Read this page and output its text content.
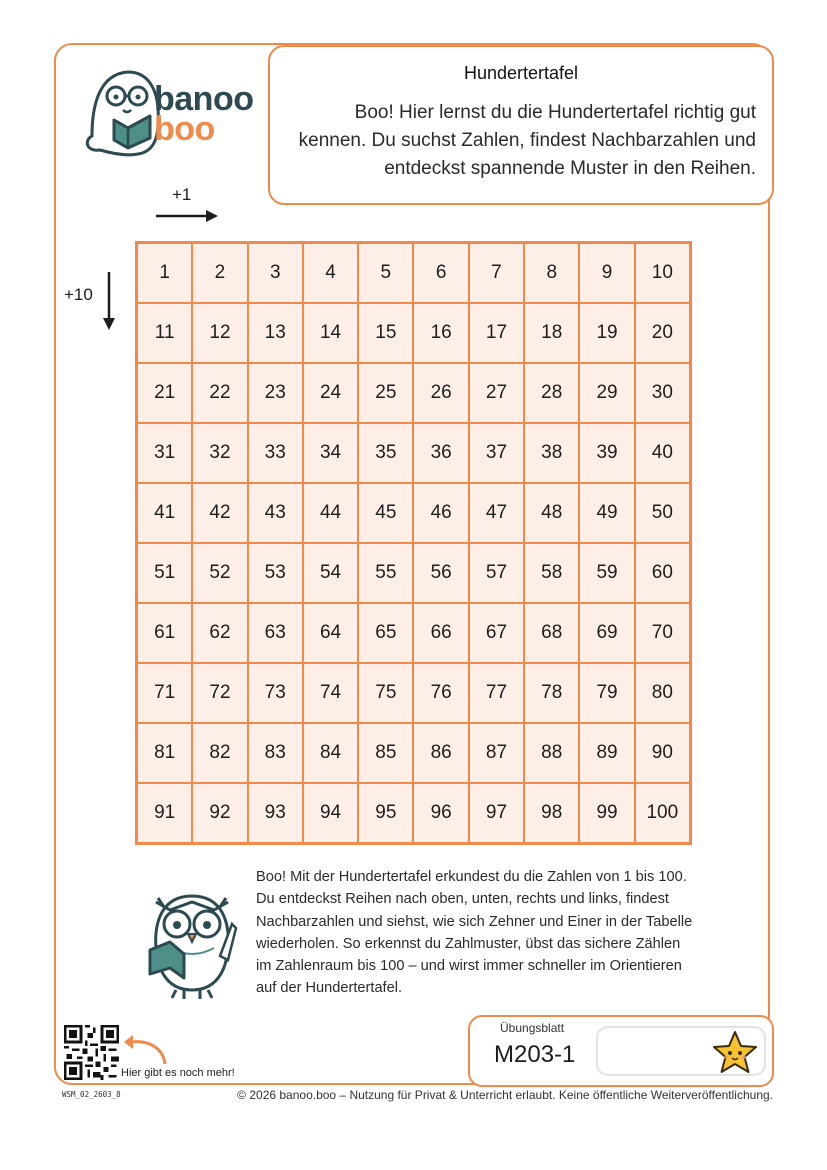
banoo
boo
Hundertertafel
Boo! Hier lernst du die Hundertertafel richtig gut kennen. Du suchst Zahlen, findest Nachbarzahlen und entdeckst spannende Muster in den Reihen.
+1
+10
1	2	3	4	5	6	7	8	9	10
11	12	13	14	15	16	17	18	19	20
21	22	23	24	25	26	27	28	29	30
31	32	33	34	35	36	37	38	39	40
41	42	43	44	45	46	47	48	49	50
51	52	53	54	55	56	57	58	59	60
61	62	63	64	65	66	67	68	69	70
71	72	73	74	75	76	77	78	79	80
81	82	83	84	85	86	87	88	89	90
91	92	93	94	95	96	97	98	99	100
Boo! Mit der Hundertertafel erkundest du die Zahlen von 1 bis 100. Du entdeckst Reihen nach oben, unten, rechts und links, findest Nachbarzahlen und siehst, wie sich Zehner und Einer in der Tabelle wiederholen. So erkennst du Zahlmuster, übst das sichere Zählen im Zahlenraum bis 100 – und wirst immer schneller im Orientieren auf der Hundertertafel.
Hier gibt es noch mehr!
WSM_02_2603_8	© 2026 banoo.boo – Nutzung für Privat & Unterricht erlaubt. Keine öffentliche Weiterveröffentlichung.
Übungsblatt
M203-1
